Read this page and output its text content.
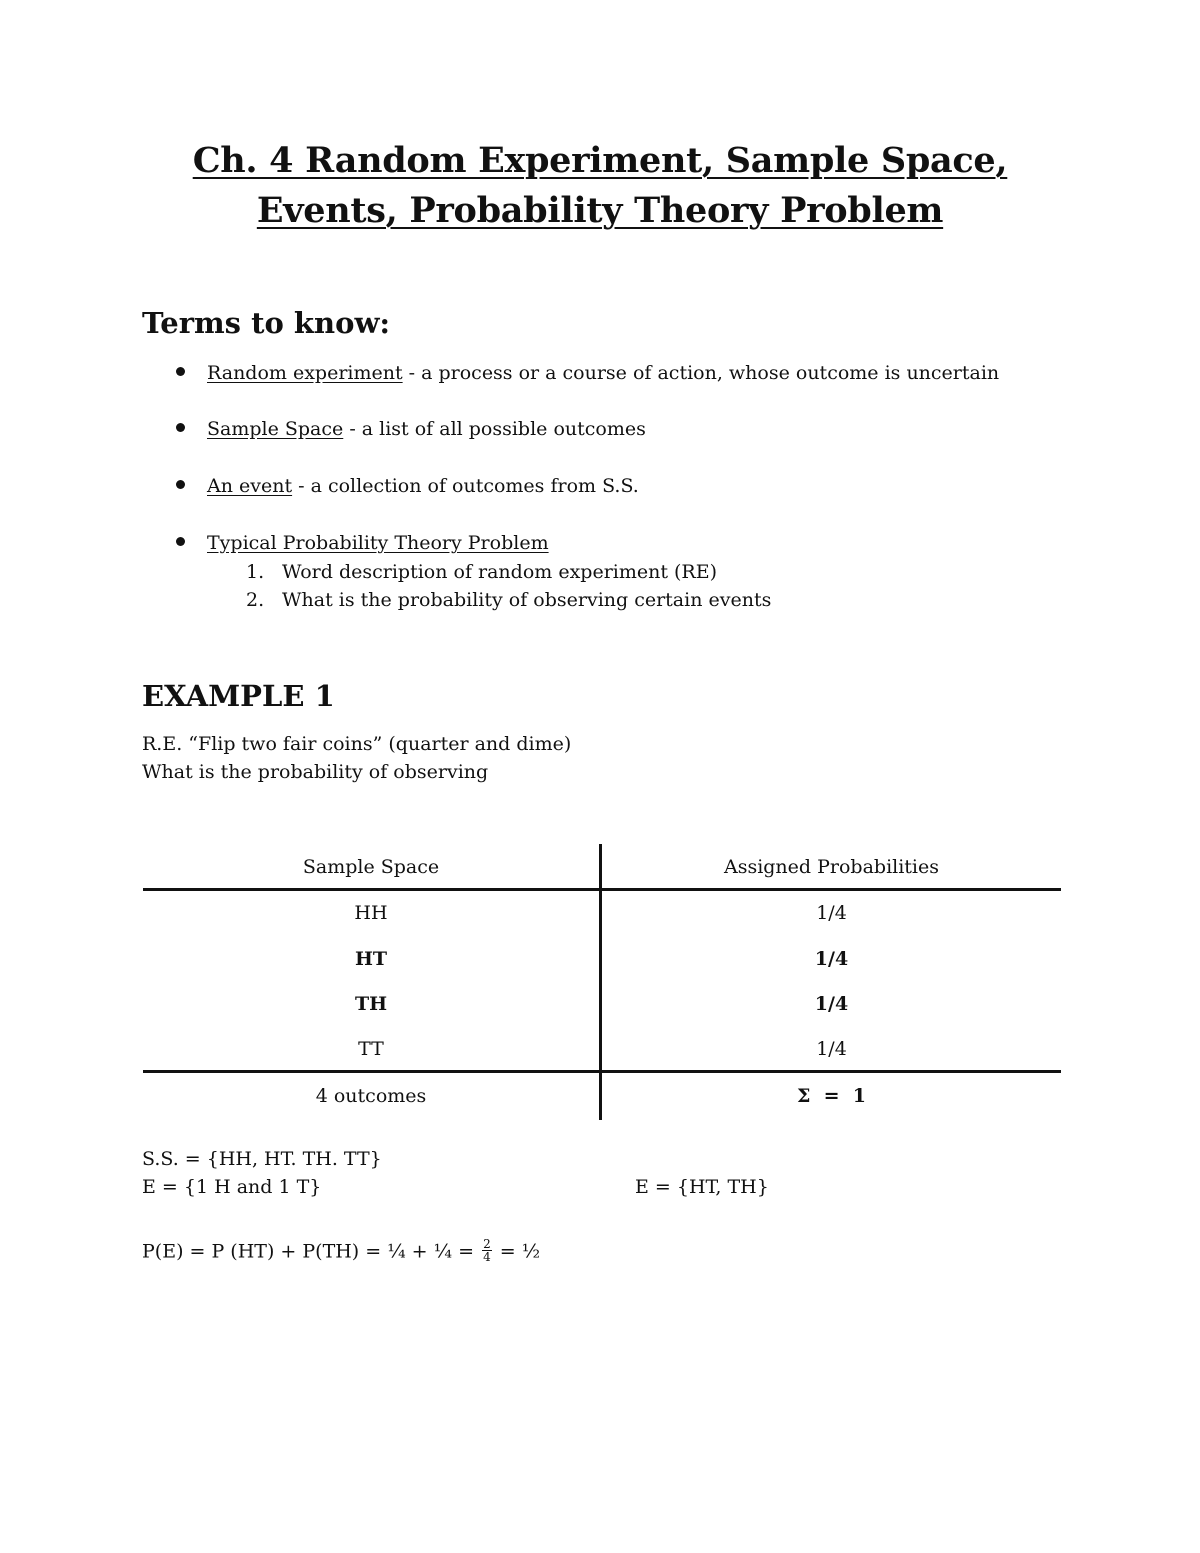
Ch. 4 Random Experiment, Sample Space,
Events, Probability Theory Problem
Terms to know:
Random experiment - a process or a course of action, whose outcome is uncertain
Sample Space - a list of all possible outcomes
An event - a collection of outcomes from S.S.
Typical Probability Theory Problem
1. Word description of random experiment (RE)
2. What is the probability of observing certain events
EXAMPLE 1
R.E. “Flip two fair coins” (quarter and dime)
What is the probability of observing
Sample Space	Assigned Probabilities
HH	1/4
HT	1/4
TH	1/4
TT	1/4
4 outcomes	Σ  =  1
S.S. = {HH, HT. TH. TT}
E = {1 H and 1 T}	E = {HT, TH}
P(E) = P (HT) + P(TH) = ¼ + ¼ = $\frac{2}{4}$ = ½
